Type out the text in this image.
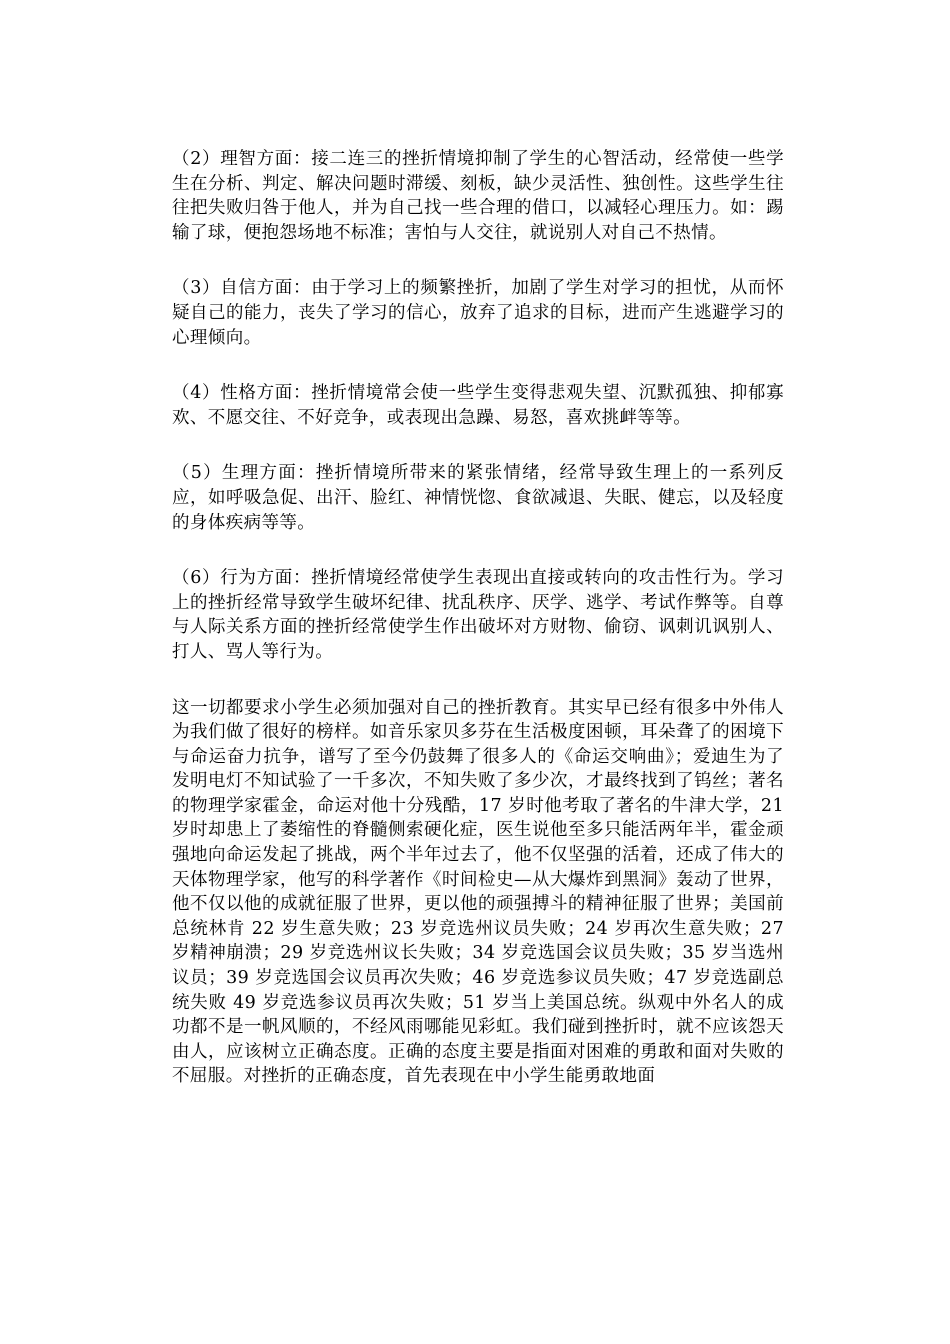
（2）理智方面：接二连三的挫折情境抑制了学生的心智活动，经常使一些学生在分析、判定、解决问题时滞缓、刻板，缺少灵活性、独创性。这些学生往往把失败归咎于他人，并为自己找一些合理的借口，以减轻心理压力。如：踢输了球，便抱怨场地不标准；害怕与人交往，就说别人对自己不热情。

（3）自信方面：由于学习上的频繁挫折，加剧了学生对学习的担忧，从而怀疑自己的能力，丧失了学习的信心，放弃了追求的目标，进而产生逃避学习的心理倾向。

（4）性格方面：挫折情境常会使一些学生变得悲观失望、沉默孤独、抑郁寡欢、不愿交往、不好竞争，或表现出急躁、易怒，喜欢挑衅等等。

（5）生理方面：挫折情境所带来的紧张情绪，经常导致生理上的一系列反应，如呼吸急促、出汗、脸红、神情恍惚、食欲减退、失眠、健忘，以及轻度的身体疾病等等。

（6）行为方面：挫折情境经常使学生表现出直接或转向的攻击性行为。学习上的挫折经常导致学生破坏纪律、扰乱秩序、厌学、逃学、考试作弊等。自尊与人际关系方面的挫折经常使学生作出破坏对方财物、偷窃、讽刺讥讽别人、打人、骂人等行为。

这一切都要求小学生必须加强对自己的挫折教育。其实早已经有很多中外伟人为我们做了很好的榜样。如音乐家贝多芬在生活极度困顿，耳朵聋了的困境下与命运奋力抗争，谱写了至今仍鼓舞了很多人的《命运交响曲》；爱迪生为了发明电灯不知试验了一千多次，不知失败了多少次，才最终找到了钨丝；著名的物理学家霍金，命运对他十分残酷，17 岁时他考取了著名的牛津大学，21 岁时却患上了萎缩性的脊髓侧索硬化症，医生说他至多只能活两年半，霍金顽强地向命运发起了挑战，两个半年过去了，他不仅坚强的活着，还成了伟大的天体物理学家，他写的科学著作《时间检史—从大爆炸到黑洞》轰动了世界，他不仅以他的成就征服了世界，更以他的顽强搏斗的精神征服了世界；美国前总统林肯 22 岁生意失败；23 岁竞选州议员失败；24 岁再次生意失败；27 岁精神崩溃；29 岁竞选州议长失败；34 岁竞选国会议员失败；35 岁当选州议员；39 岁竞选国会议员再次失败；46 岁竞选参议员失败；47 岁竞选副总统失败 49 岁竞选参议员再次失败；51 岁当上美国总统。纵观中外名人的成功都不是一帆风顺的，不经风雨哪能见彩虹。我们碰到挫折时，就不应该怨天由人，应该树立正确态度。正确的态度主要是指面对困难的勇敢和面对失败的不屈服。对挫折的正确态度，首先表现在中小学生能勇敢地面
